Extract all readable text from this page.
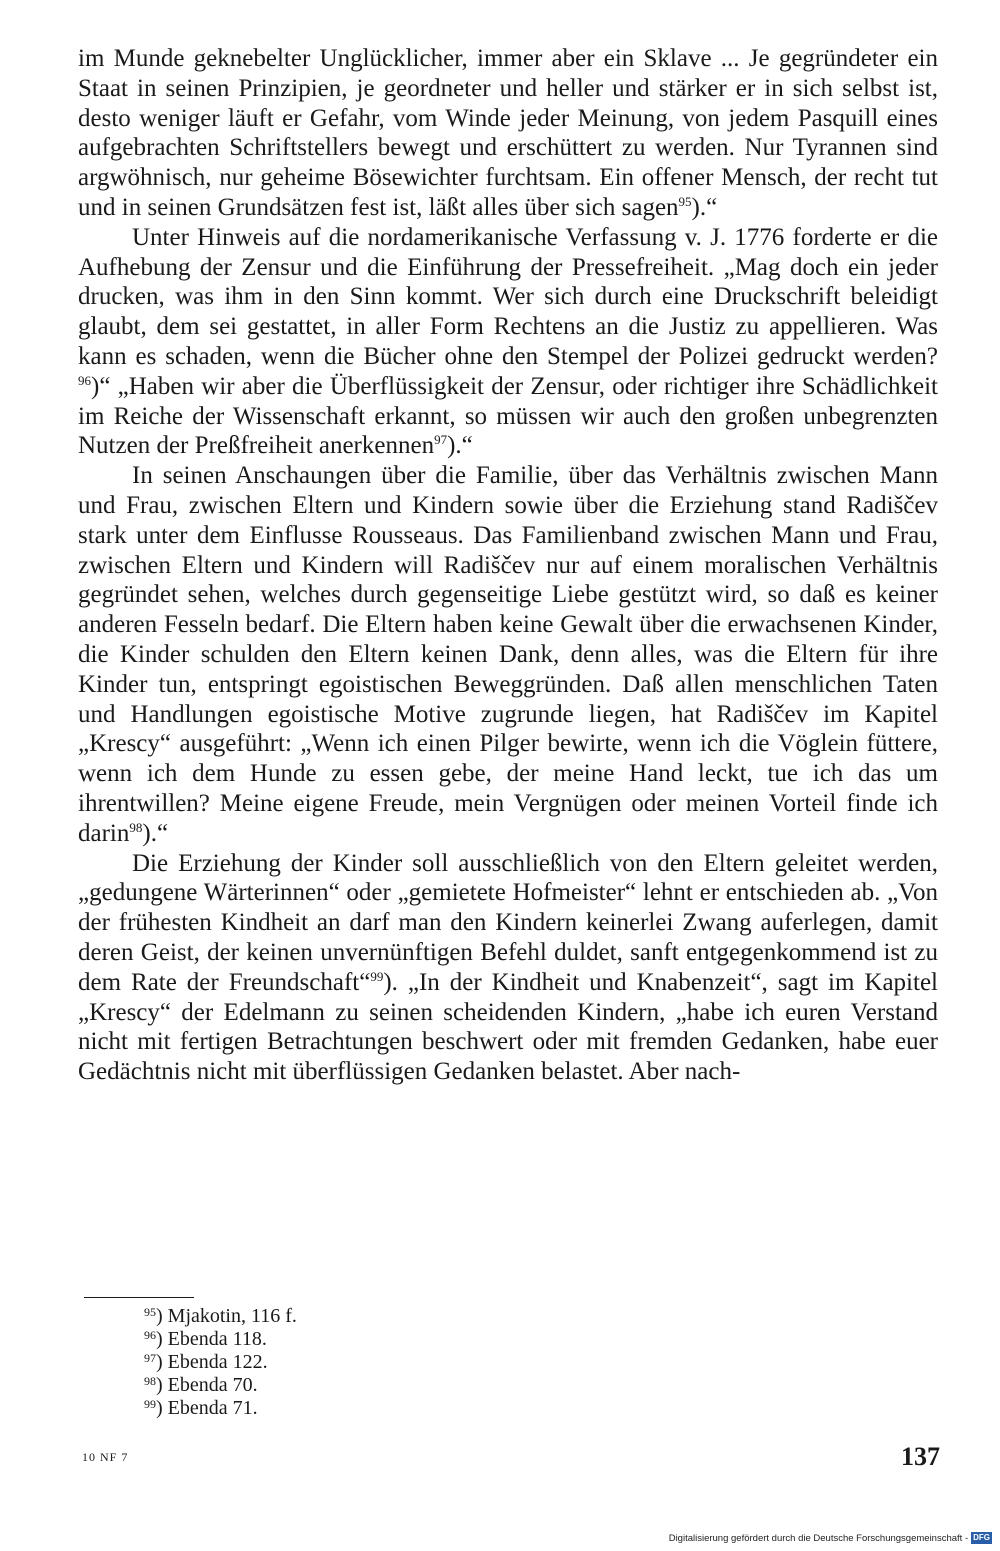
im Munde geknebelter Unglücklicher, immer aber ein Sklave ... Je gegründeter ein Staat in seinen Prinzipien, je geordneter und heller und stärker er in sich selbst ist, desto weniger läuft er Gefahr, vom Winde jeder Meinung, von jedem Pasquill eines aufgebrachten Schriftstellers bewegt und erschüttert zu werden. Nur Tyrannen sind argwöhnisch, nur geheime Bösewichter furchtsam. Ein offener Mensch, der recht tut und in seinen Grundsätzen fest ist, läßt alles über sich sagen$^{95}$).“

Unter Hinweis auf die nordamerikanische Verfassung v. J. 1776 forderte er die Aufhebung der Zensur und die Einführung der Pressefreiheit. „Mag doch ein jeder drucken, was ihm in den Sinn kommt. Wer sich durch eine Druckschrift beleidigt glaubt, dem sei gestattet, in aller Form Rechtens an die Justiz zu appellieren. Was kann es schaden, wenn die Bücher ohne den Stempel der Polizei gedruckt werden?$^{96}$)“ „Haben wir aber die Überflüssigkeit der Zensur, oder richtiger ihre Schädlichkeit im Reiche der Wissenschaft erkannt, so müssen wir auch den großen unbegrenzten Nutzen der Preßfreiheit anerkennen$^{97}$).“

In seinen Anschaungen über die Familie, über das Verhältnis zwischen Mann und Frau, zwischen Eltern und Kindern sowie über die Erziehung stand Radiščev stark unter dem Einflusse Rousseaus. Das Familienband zwischen Mann und Frau, zwischen Eltern und Kindern will Radiščev nur auf einem moralischen Verhältnis gegründet sehen, welches durch gegenseitige Liebe gestützt wird, so daß es keiner anderen Fesseln bedarf. Die Eltern haben keine Gewalt über die erwachsenen Kinder, die Kinder schulden den Eltern keinen Dank, denn alles, was die Eltern für ihre Kinder tun, entspringt egoistischen Beweggründen. Daß allen menschlichen Taten und Handlungen egoistische Motive zugrunde liegen, hat Radiščev im Kapitel „Krescy“ ausgeführt: „Wenn ich einen Pilger bewirte, wenn ich die Vöglein füttere, wenn ich dem Hunde zu essen gebe, der meine Hand leckt, tue ich das um ihrentwillen? Meine eigene Freude, mein Vergnügen oder meinen Vorteil finde ich darin$^{98}$).“

Die Erziehung der Kinder soll ausschließlich von den Eltern geleitet werden, „gedungene Wärterinnen“ oder „gemietete Hofmeister“ lehnt er entschieden ab. „Von der frühesten Kindheit an darf man den Kindern keinerlei Zwang auferlegen, damit deren Geist, der keinen unvernünftigen Befehl duldet, sanft entgegenkommend ist zu dem Rate der Freundschaft“$^{99}$). „In der Kindheit und Knabenzeit“, sagt im Kapitel „Krescy“ der Edelmann zu seinen scheidenden Kindern, „habe ich euren Verstand nicht mit fertigen Betrachtungen beschwert oder mit fremden Gedanken, habe euer Gedächtnis nicht mit überflüssigen Gedanken belastet. Aber nach-

$^{95}$) Mjakotin, 116 f.

$^{96}$) Ebenda 118.

$^{97}$) Ebenda 122.

$^{98}$) Ebenda 70.

$^{99}$) Ebenda 71.

10 NF 7	137
Digitalisierung gefördert durch die Deutsche Forschungsgemeinschaft - DFG
